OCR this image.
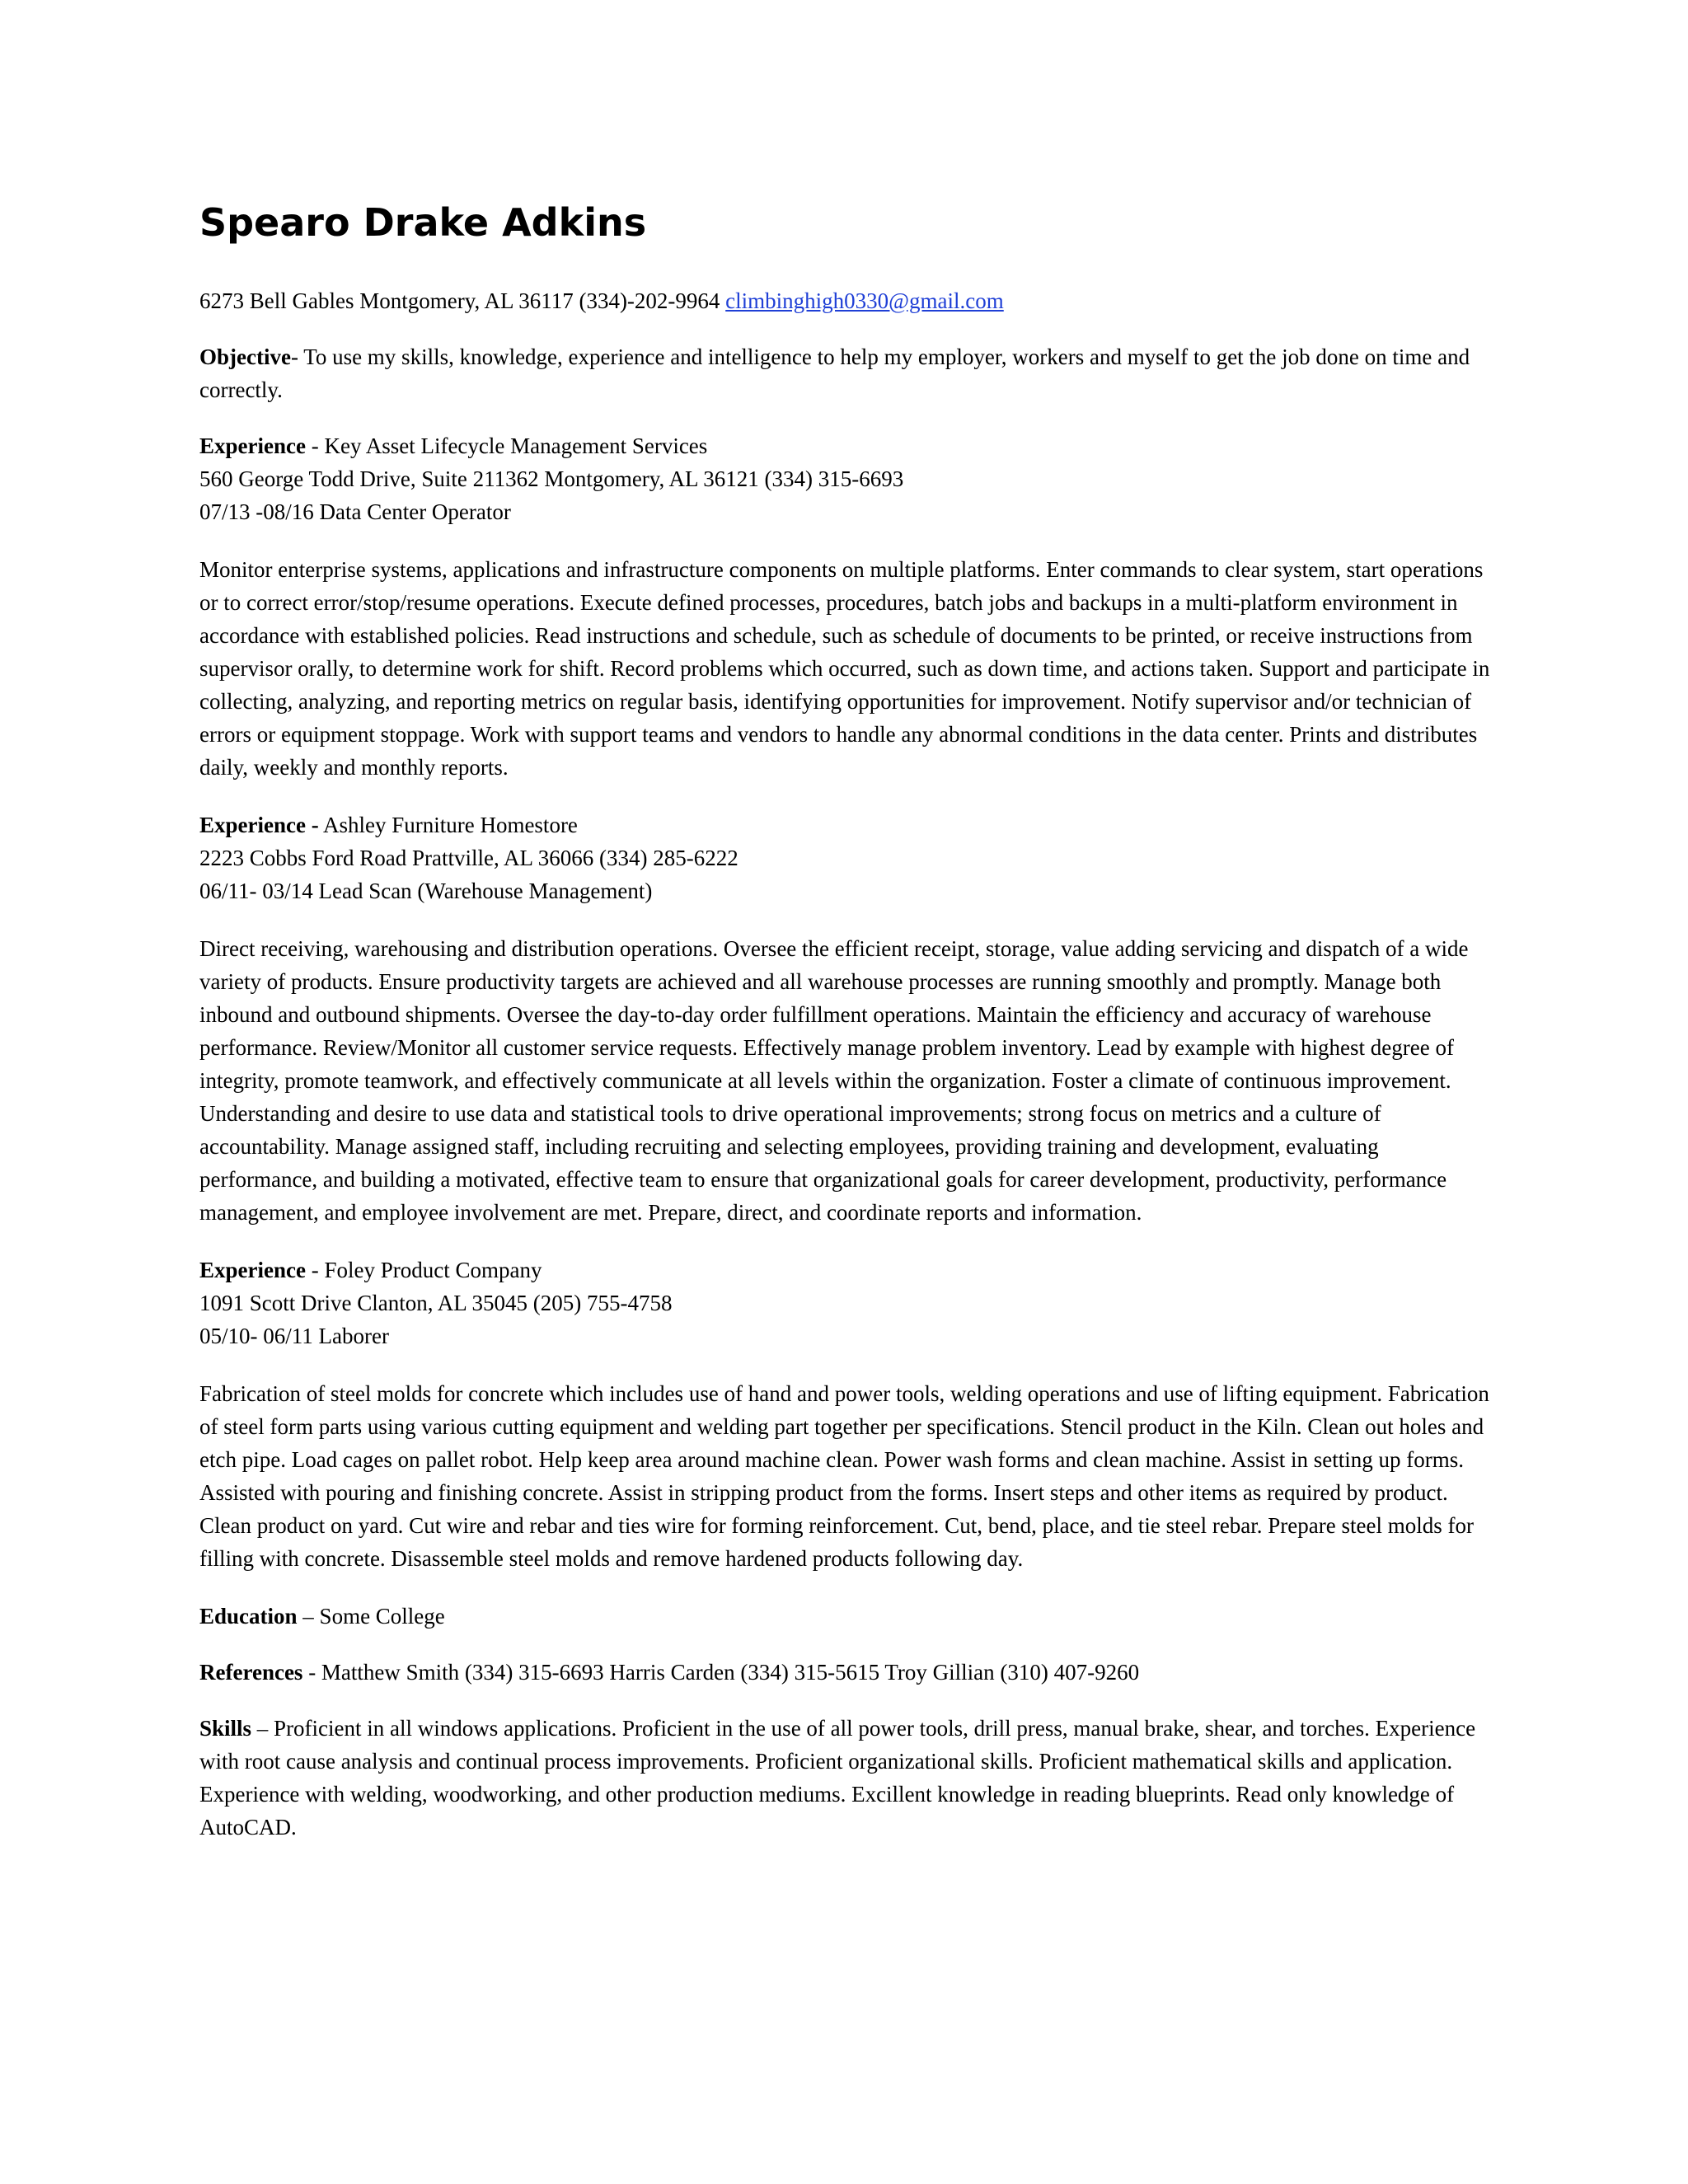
Spearo Drake Adkins

6273 Bell Gables Montgomery, AL 36117 (334)-202-9964 climbinghigh0330@gmail.com

Objective- To use my skills, knowledge, experience and intelligence to help my employer, workers and myself to get the job done on time and correctly.

Experience - Key Asset Lifecycle Management Services
560 George Todd Drive, Suite 211362 Montgomery, AL 36121 (334) 315-6693
07/13 -08/16 Data Center Operator

Monitor enterprise systems, applications and infrastructure components on multiple platforms. Enter commands to clear system, start operations or to correct error/stop/resume operations. Execute defined processes, procedures, batch jobs and backups in a multi-platform environment in accordance with established policies. Read instructions and schedule, such as schedule of documents to be printed, or receive instructions from supervisor orally, to determine work for shift. Record problems which occurred, such as down time, and actions taken. Support and participate in collecting, analyzing, and reporting metrics on regular basis, identifying opportunities for improvement. Notify supervisor and/or technician of errors or equipment stoppage. Work with support teams and vendors to handle any abnormal conditions in the data center. Prints and distributes daily, weekly and monthly reports.

Experience - Ashley Furniture Homestore
2223 Cobbs Ford Road Prattville, AL 36066 (334) 285-6222
06/11- 03/14 Lead Scan (Warehouse Management)

Direct receiving, warehousing and distribution operations. Oversee the efficient receipt, storage, value adding servicing and dispatch of a wide variety of products. Ensure productivity targets are achieved and all warehouse processes are running smoothly and promptly. Manage both inbound and outbound shipments. Oversee the day-to-day order fulfillment operations. Maintain the efficiency and accuracy of warehouse performance. Review/Monitor all customer service requests. Effectively manage problem inventory. Lead by example with highest degree of integrity, promote teamwork, and effectively communicate at all levels within the organization. Foster a climate of continuous improvement. Understanding and desire to use data and statistical tools to drive operational improvements; strong focus on metrics and a culture of accountability. Manage assigned staff, including recruiting and selecting employees, providing training and development, evaluating performance, and building a motivated, effective team to ensure that organizational goals for career development, productivity, performance management, and employee involvement are met. Prepare, direct, and coordinate reports and information.

Experience - Foley Product Company
1091 Scott Drive Clanton, AL 35045 (205) 755-4758
05/10- 06/11 Laborer

Fabrication of steel molds for concrete which includes use of hand and power tools, welding operations and use of lifting equipment. Fabrication of steel form parts using various cutting equipment and welding part together per specifications. Stencil product in the Kiln. Clean out holes and etch pipe. Load cages on pallet robot. Help keep area around machine clean. Power wash forms and clean machine. Assist in setting up forms. Assisted with pouring and finishing concrete. Assist in stripping product from the forms. Insert steps and other items as required by product. Clean product on yard. Cut wire and rebar and ties wire for forming reinforcement. Cut, bend, place, and tie steel rebar. Prepare steel molds for filling with concrete. Disassemble steel molds and remove hardened products following day.

Education – Some College

References - Matthew Smith (334) 315-6693 Harris Carden (334) 315-5615 Troy Gillian (310) 407-9260

Skills – Proficient in all windows applications. Proficient in the use of all power tools, drill press, manual brake, shear, and torches. Experience with root cause analysis and continual process improvements. Proficient organizational skills. Proficient mathematical skills and application. Experience with welding, woodworking, and other production mediums. Excillent knowledge in reading blueprints. Read only knowledge of AutoCAD.
